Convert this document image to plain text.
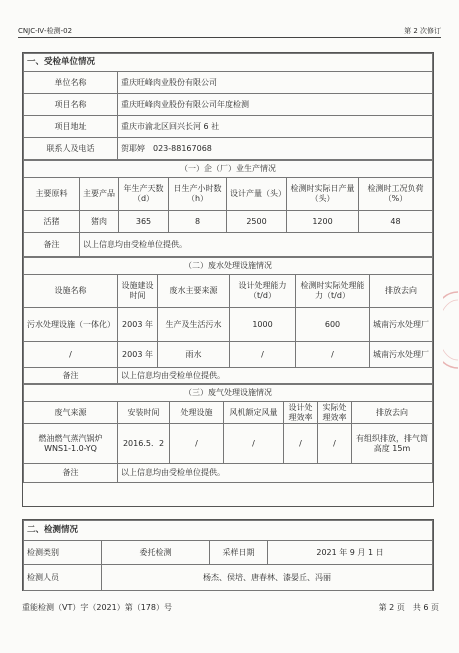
CNJC-Ⅳ-检测-02	第 2 次修订
一、受检单位情况	
单位名称	重庆旺峰肉业股份有限公司
项目名称	重庆旺峰肉业股份有限公司年度检测
项目地址	重庆市渝北区回兴长河 6 社
联系人及电话	贺耶婷　023-88167068
（一）企（厂）业生产情况						
主要原料	主要产品	年生产天数（d）	日生产小时数（h）	设计产量（头）	检测时实际日产量（头）	检测时工况负荷（%）
活猪	猪肉	365	8	2500	1200	48
备注	以上信息均由受检单位提供。					
（二）废水处理设施情况					
设施名称	设施建设时间	废水主要来源	设计处理能力（t/d）	检测时实际处理能力（t/d）	排放去向
污水处理设施（一体化）	2003 年	生产及生活污水	1000	600	城南污水处理厂
/	2003 年	雨水	/	/	城南污水处理厂
备注	以上信息均由受检单位提供。				
（三）废气处理设施情况						
废气来源	安装时间	处理设施	风机额定风量	设计处理效率	实际处理效率	排放去向
燃油燃气蒸汽锅炉 WNS1-1.0-YQ	2016.5．2	/	/	/	/	有组织排放，排气筒高度 15m
备注	以上信息均由受检单位提供。					
二、检测情况			
检测类别	委托检测	采样日期	2021 年 9 月 1 日
检测人员	杨杰、侯培、唐春林、漆晏丘、冯丽		
重能检测（VT）字（2021）第（178）号	第 2 页　共 6 页
